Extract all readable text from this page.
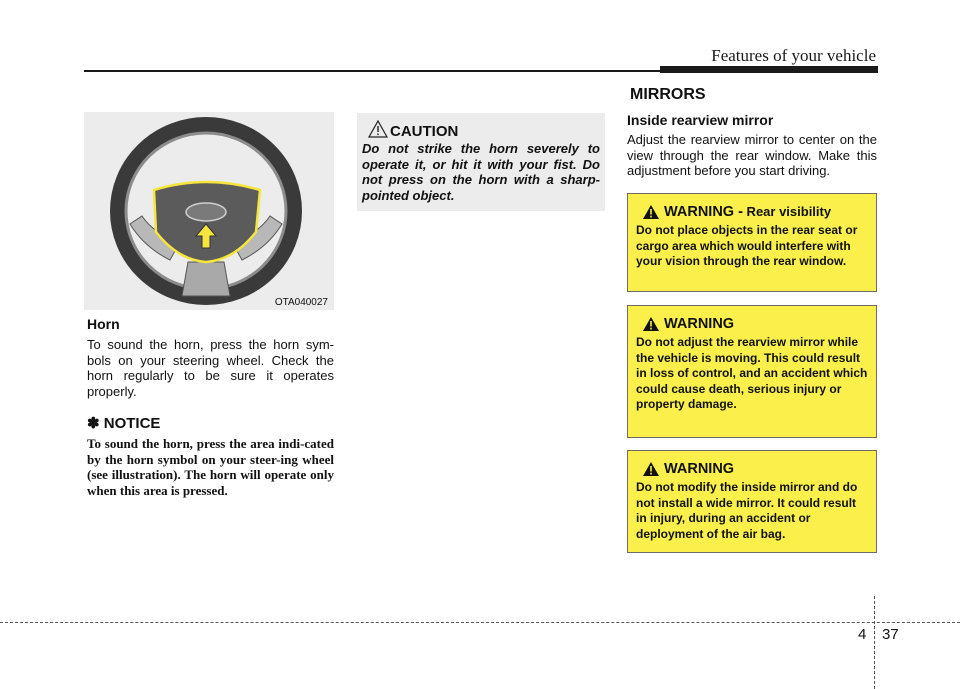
Features of your vehicle
OTA040027
Horn
To sound the horn, press the horn sym-bols on your steering wheel. Check the horn regularly to be sure it operates properly.
✽ NOTICE
To sound the horn, press the area indi-cated by the horn symbol on your steer-ing wheel (see illustration). The horn will operate only when this area is pressed.
CAUTION
Do not strike the horn severely to operate it, or hit it with your fist. Do not press on the horn with a sharp-pointed object.
MIRRORS
Inside rearview mirror
Adjust the rearview mirror to center on the view through the rear window. Make this adjustment before you start driving.
WARNING - Rear visibility
Do not place objects in the rear seat or cargo area which would interfere with your vision through the rear window.
WARNING
Do not adjust the rearview mirror while the vehicle is moving. This could result in loss of control, and an accident which could cause death, serious injury or property damage.
WARNING
Do not modify the inside mirror and do not install a wide mirror. It could result in injury, during an accident or deployment of the air bag.
4 37
